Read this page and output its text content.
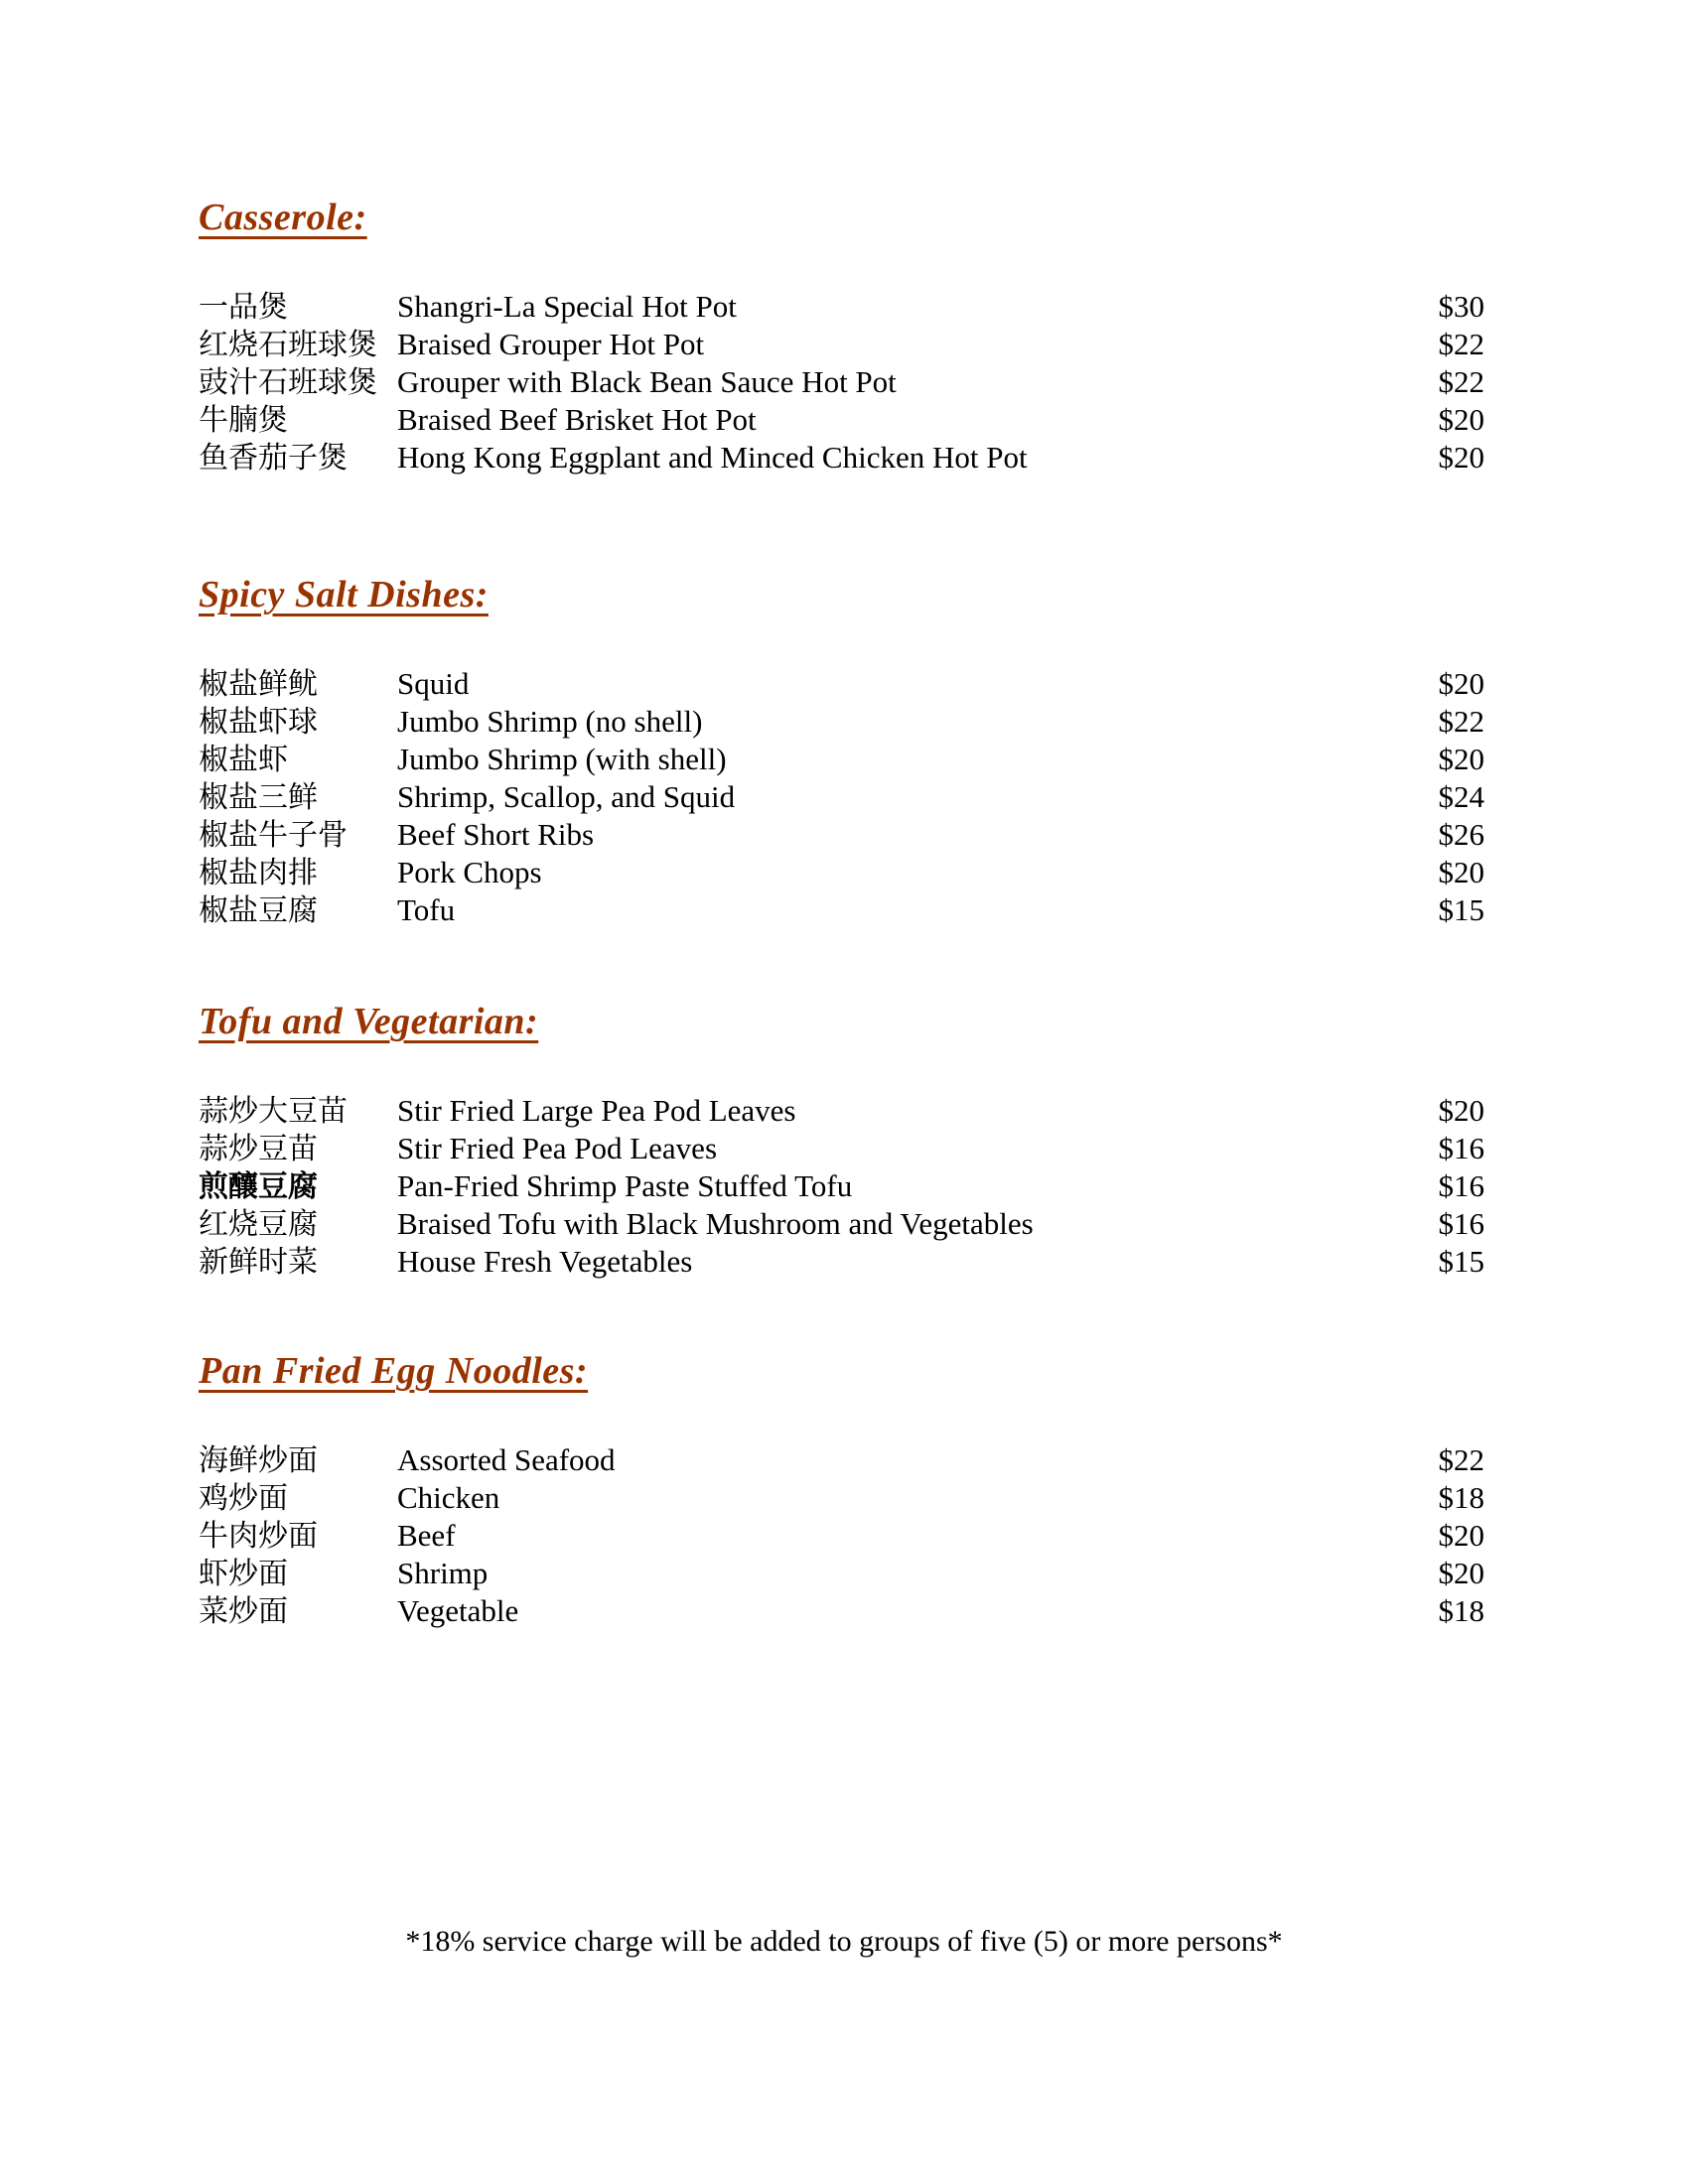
Casserole:
一品煲	Shangri-La Special Hot Pot	$30
红烧石班球煲 Braised Grouper Hot Pot	$22
豉汁石班球煲 Grouper with Black Bean Sauce Hot Pot	$22
牛腩煲	Braised Beef Brisket Hot Pot	$20
鱼香茄子煲	Hong Kong Eggplant and Minced Chicken Hot Pot	$20
Spicy Salt Dishes:
椒盐鲜鱿	Squid	$20
椒盐虾球	Jumbo Shrimp (no shell)	$22
椒盐虾	Jumbo Shrimp (with shell)	$20
椒盐三鲜	Shrimp, Scallop, and Squid	$24
椒盐牛子骨	Beef Short Ribs	$26
椒盐肉排	Pork Chops	$20
椒盐豆腐	Tofu	$15
Tofu and Vegetarian:
蒜炒大豆苗	Stir Fried Large Pea Pod Leaves	$20
蒜炒豆苗	Stir Fried Pea Pod Leaves	$16
煎釀豆腐	Pan-Fried Shrimp Paste Stuffed Tofu	$16
红烧豆腐	Braised Tofu with Black Mushroom and Vegetables	$16
新鲜时菜	House Fresh Vegetables	$15
Pan Fried Egg Noodles:
海鲜炒面	Assorted Seafood	$22
鸡炒面	Chicken	$18
牛肉炒面	Beef	$20
虾炒面	Shrimp	$20
菜炒面	Vegetable	$18
*18% service charge will be added to groups of five (5) or more persons*
